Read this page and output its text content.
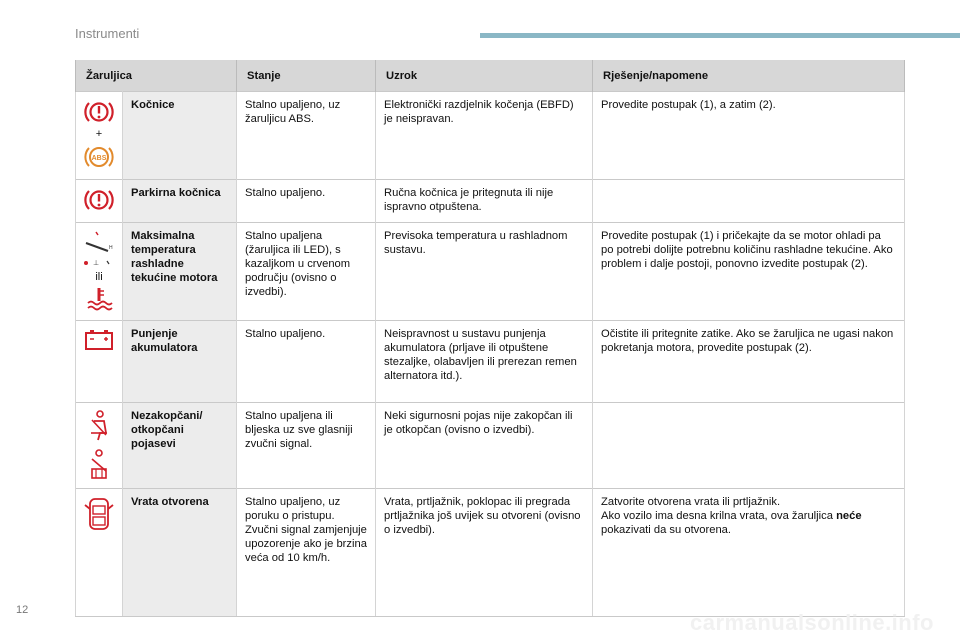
Instrumenti
Žaruljica		Stanje	Uzrok	Rješenje/napomene

+
ABS	Kočnice	Stalno upaljeno, uz žaruljicu ABS.	Elektronički razdjelnik kočenja (EBFD) je neispravan.	Provedite postupak (1), a zatim (2).

	Parkirna kočnica	Stalno upaljeno.	Ručna kočnica je pritegnuta ili nije ispravno otpuštena.	

H
⊥
ili	Maksimalna temperatura rashladne tekućine motora	Stalno upaljena (žaruljica ili LED), s kazaljkom u crvenom području (ovisno o izvedbi).	Previsoka temperatura u rashladnom sustavu.	Provedite postupak (1) i pričekajte da se motor ohladi pa po potrebi dolijte potrebnu količinu rashladne tekućine. Ako problem i dalje postoji, ponovno izvedite postupak (2).

	Punjenje akumulatora	Stalno upaljeno.	Neispravnost u sustavu punjenja akumulatora (prljave ili otpuštene stezaljke, olabavljen ili prerezan remen alternatora itd.).	Očistite ili pritegnite zatike. Ako se žaruljica ne ugasi nakon pokretanja motora, provedite postupak (2).

	Nezakopčani/ otkopčani pojasevi	Stalno upaljena ili bljeska uz sve glasniji zvučni signal.	Neki sigurnosni pojas nije zakopčan ili je otkopčan (ovisno o izvedbi).	

	Vrata otvorena	Stalno upaljeno, uz poruku o pristupu. Zvučni signal zamjenjuje upozorenje ako je brzina veća od 10 km/h.	Vrata, prtljažnik, poklopac ili pregrada prtljažnika još uvijek su otvoreni (ovisno o izvedbi).	Zatvorite otvorena vrata ili prtljažnik.
Ako vozilo ima desna krilna vrata, ova žaruljica neće pokazivati da su otvorena.
12	carmanualsonline.info
